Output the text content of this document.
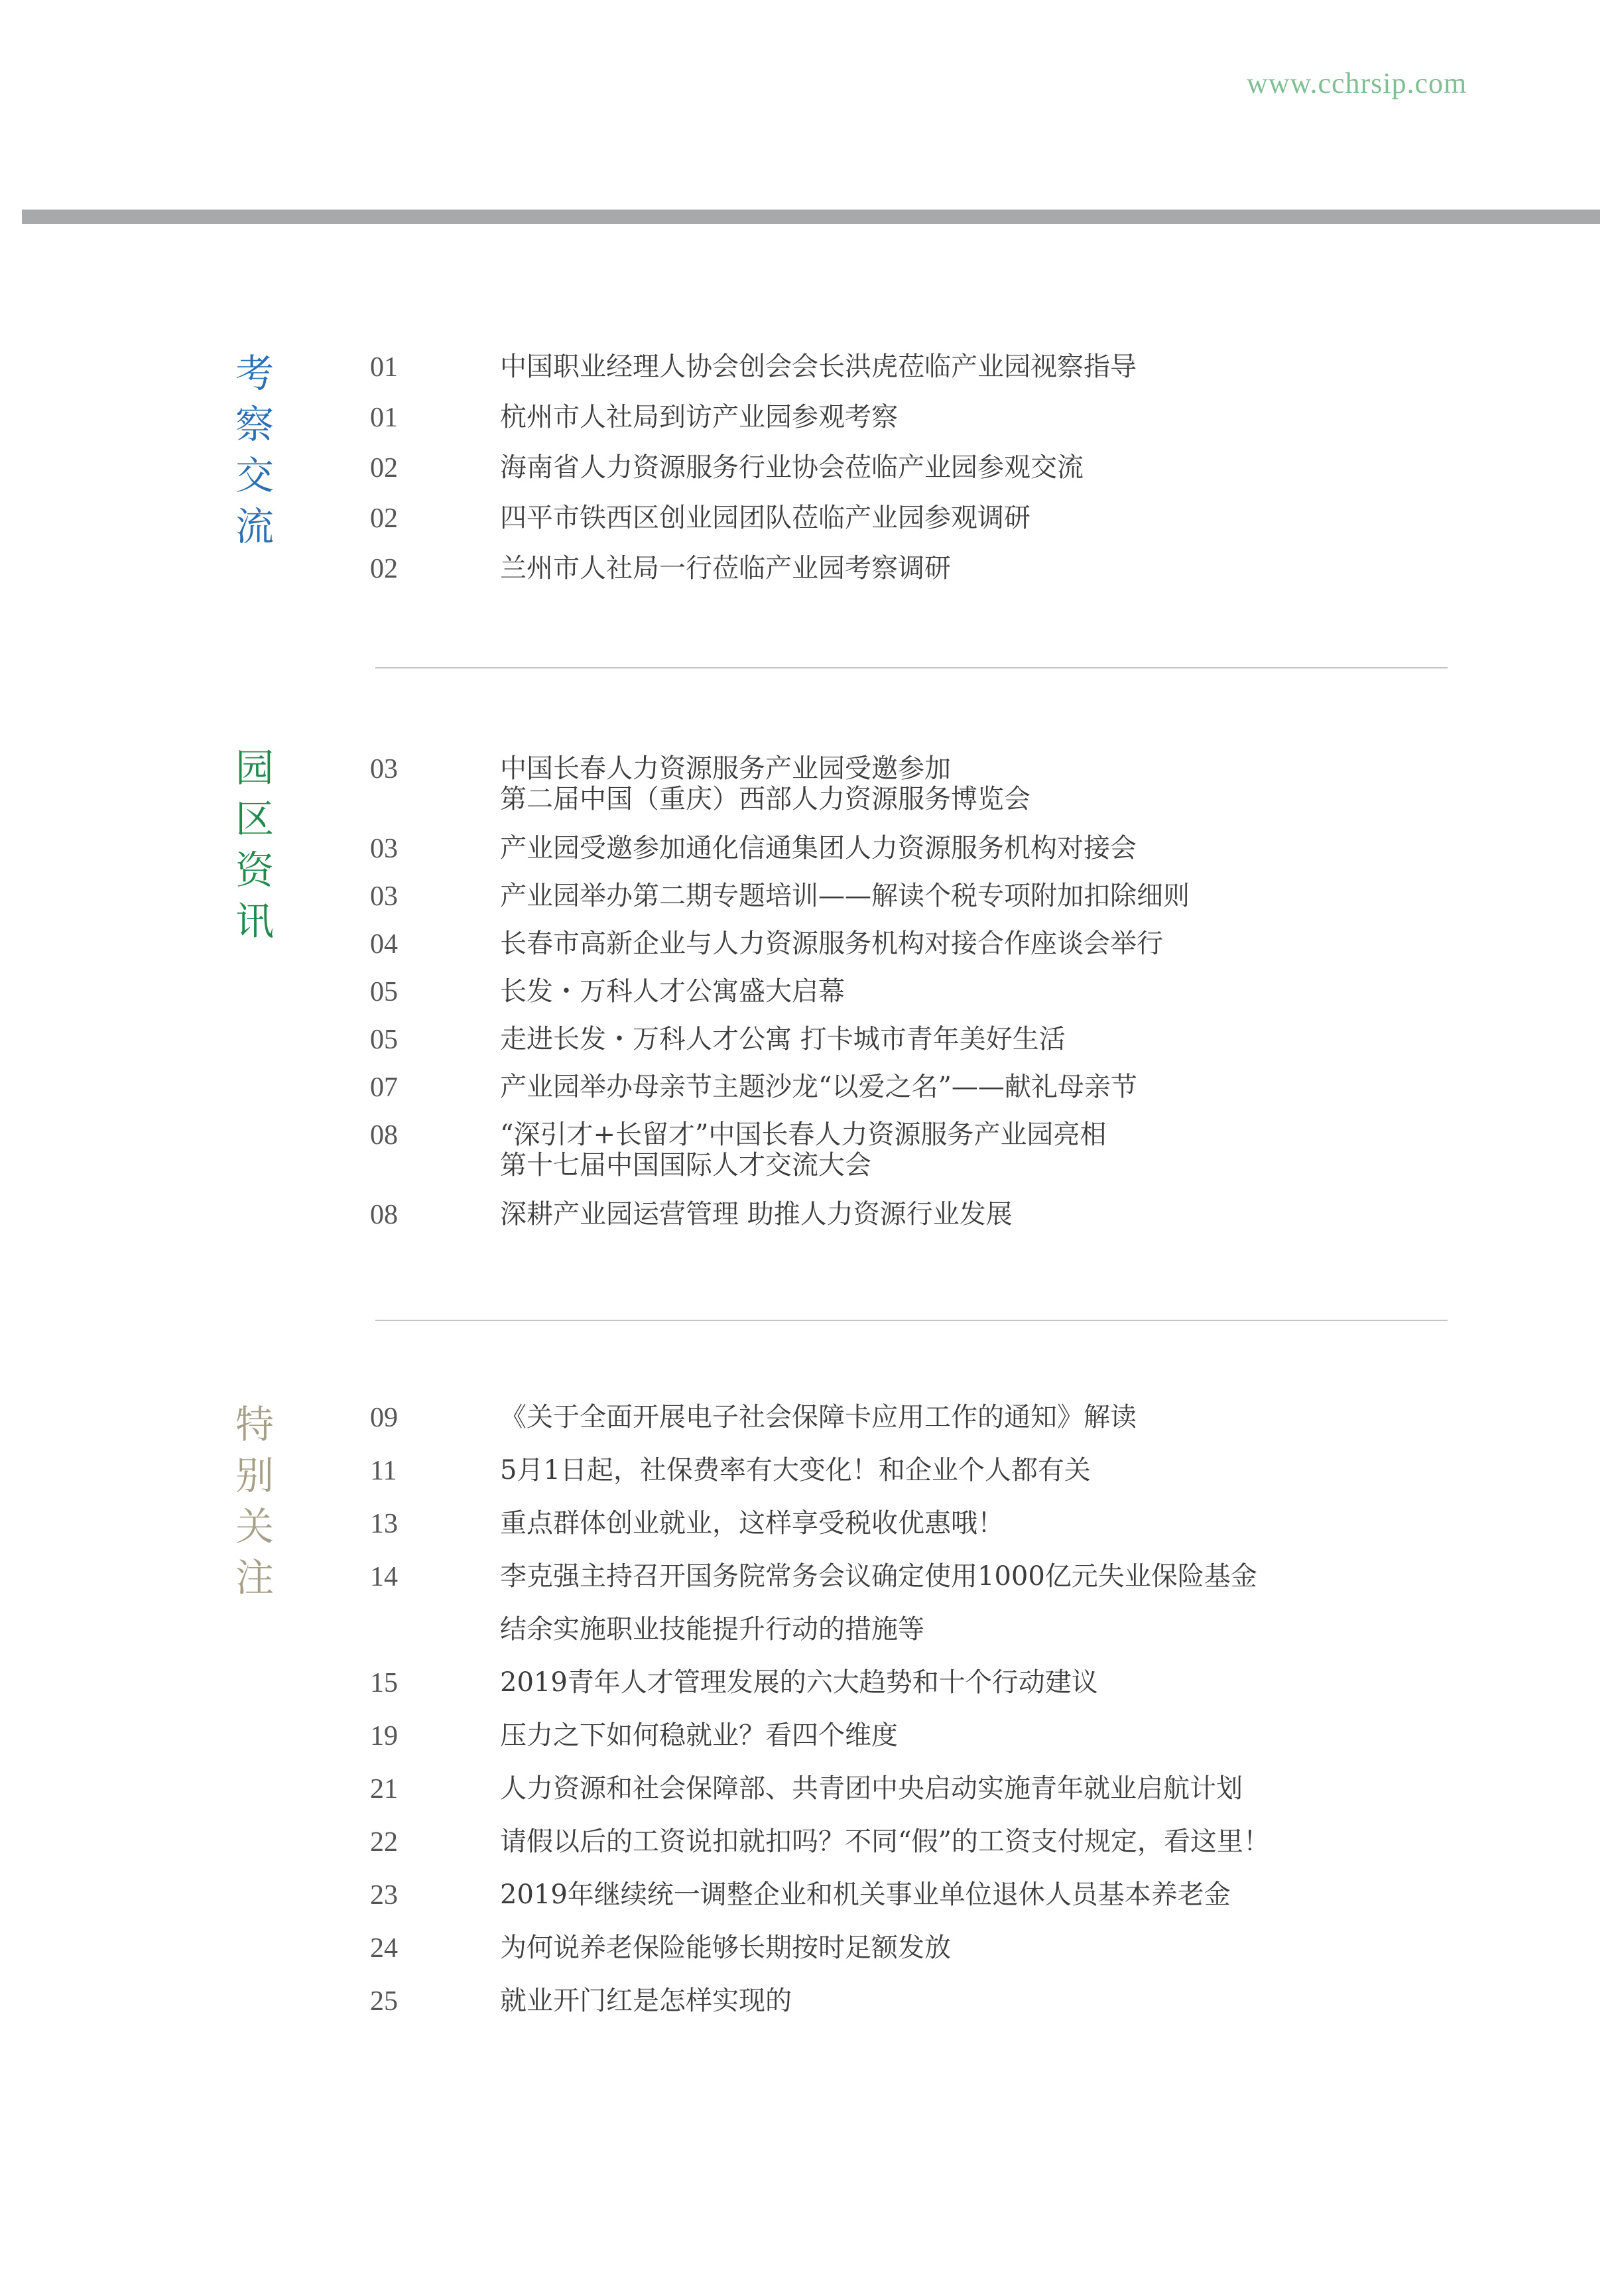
www.cchrsip.com
考
察
交
流
01	中国职业经理人协会创会会长洪虎莅临产业园视察指导
01	杭州市人社局到访产业园参观考察
02	海南省人力资源服务行业协会莅临产业园参观交流
02	四平市铁西区创业园团队莅临产业园参观调研
02	兰州市人社局一行莅临产业园考察调研
园
区
资
讯
03	中国长春人力资源服务产业园受邀参加
第二届中国（重庆）西部人力资源服务博览会
03	产业园受邀参加通化信通集团人力资源服务机构对接会
03	产业园举办第二期专题培训——解读个税专项附加扣除细则
04	长春市高新企业与人力资源服务机构对接合作座谈会举行
05	长发・万科人才公寓盛大启幕
05	走进长发・万科人才公寓 打卡城市青年美好生活
07	产业园举办母亲节主题沙龙“以爱之名”——献礼母亲节
08	“深引才+长留才”中国长春人力资源服务产业园亮相
第十七届中国国际人才交流大会
08	深耕产业园运营管理 助推人力资源行业发展
特
别
关
注
09	《关于全面开展电子社会保障卡应用工作的通知》解读
11	5月1日起，社保费率有大变化！和企业个人都有关
13	重点群体创业就业，这样享受税收优惠哦！
14	李克强主持召开国务院常务会议确定使用1000亿元失业保险基金
结余实施职业技能提升行动的措施等
15	2019青年人才管理发展的六大趋势和十个行动建议
19	压力之下如何稳就业？看四个维度
21	人力资源和社会保障部、共青团中央启动实施青年就业启航计划
22	请假以后的工资说扣就扣吗？不同“假”的工资支付规定，看这里！
23	2019年继续统一调整企业和机关事业单位退休人员基本养老金
24	为何说养老保险能够长期按时足额发放
25	就业开门红是怎样实现的
